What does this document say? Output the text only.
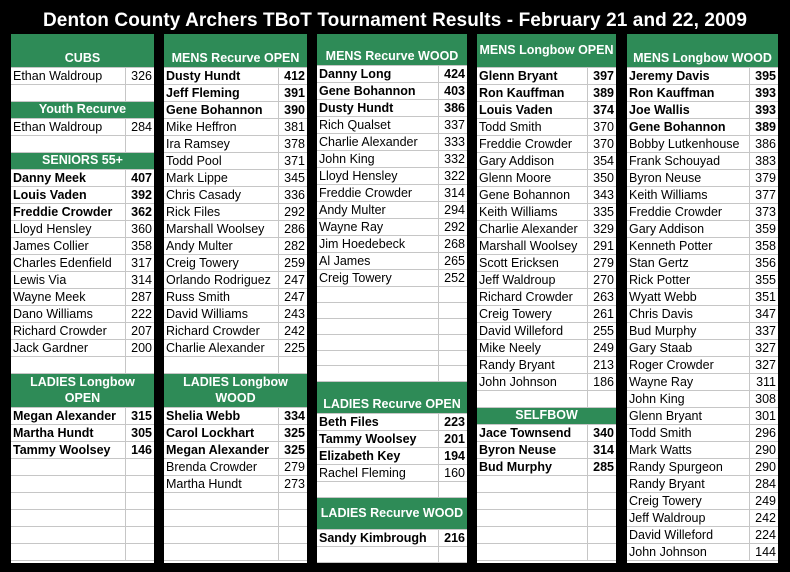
Denton County Archers TBoT Tournament Results - February 21 and 22, 2009
CUBS
Ethan Waldroup	326
Youth Recurve
Ethan Waldroup	284
SENIORS 55+
Danny Meek	407
Louis Vaden	392
Freddie Crowder	362
Lloyd Hensley	360
James Collier	358
Charles Edenfield	317
Lewis Via	314
Wayne Meek	287
Dano Williams	222
Richard Crowder	207
Jack Gardner	200
LADIES Longbow OPEN
Megan Alexander	315
Martha Hundt	305
Tammy Woolsey	146
MENS Recurve OPEN
Dusty Hundt	412
Jeff Fleming	391
Gene Bohannon	390
Mike Heffron	381
Ira Ramsey	378
Todd Pool	371
Mark Lippe	345
Chris Casady	336
Rick Files	292
Marshall Woolsey	286
Andy Multer	282
Creig Towery	259
Orlando Rodriguez	247
Russ Smith	247
David Williams	243
Richard Crowder	242
Charlie Alexander	225
LADIES Longbow WOOD
Shelia Webb	334
Carol Lockhart	325
Megan Alexander	325
Brenda Crowder	279
Martha Hundt	273
MENS Recurve WOOD
Danny Long	424
Gene Bohannon	403
Dusty Hundt	386
Rich Qualset	337
Charlie Alexander	333
John King	332
Lloyd Hensley	322
Freddie Crowder	314
Andy Multer	294
Wayne Ray	292
Jim Hoedebeck	268
Al James	265
Creig Towery	252
LADIES Recurve OPEN
Beth Files	223
Tammy Woolsey	201
Elizabeth Key	194
Rachel Fleming	160
LADIES Recurve WOOD
Sandy Kimbrough	216
MENS Longbow OPEN
Glenn Bryant	397
Ron Kauffman	389
Louis Vaden	374
Todd Smith	370
Freddie Crowder	370
Gary Addison	354
Glenn Moore	350
Gene Bohannon	343
Keith Williams	335
Charlie Alexander	329
Marshall Woolsey	291
Scott Ericksen	279
Jeff Waldroup	270
Richard Crowder	263
Creig Towery	261
David Willeford	255
Mike Neely	249
Randy Bryant	213
John Johnson	186
SELFBOW
Jace Townsend	340
Byron Neuse	314
Bud Murphy	285
MENS Longbow WOOD
Jeremy Davis	395
Ron Kauffman	393
Joe Wallis	393
Gene Bohannon	389
Bobby Lutkenhouse	386
Frank Schouyad	383
Byron Neuse	379
Keith Williams	377
Freddie Crowder	373
Gary Addison	359
Kenneth Potter	358
Stan Gertz	356
Rick Potter	355
Wyatt Webb	351
Chris Davis	347
Bud Murphy	337
Gary Staab	327
Roger Crowder	327
Wayne Ray	311
John King	308
Glenn Bryant	301
Todd Smith	296
Mark Watts	290
Randy Spurgeon	290
Randy Bryant	284
Creig Towery	249
Jeff Waldroup	242
David Willeford	224
John Johnson	144
